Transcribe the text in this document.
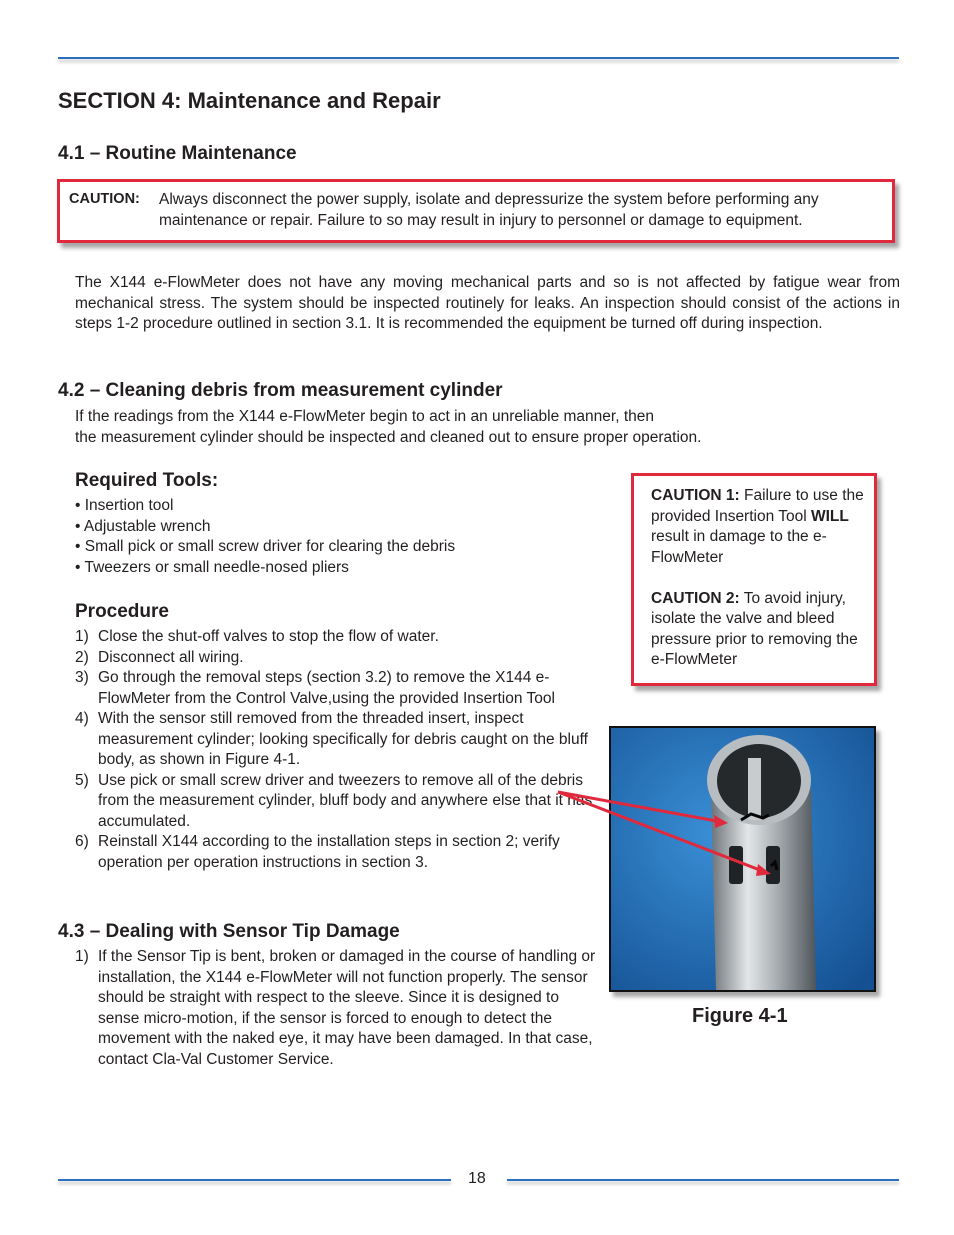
SECTION 4: Maintenance and Repair
4.1 – Routine Maintenance
CAUTION: Always disconnect the power supply, isolate and depressurize the system before performing any maintenance or repair. Failure to so may result in injury to personnel or damage to equipment.

The X144 e-FlowMeter does not have any moving mechanical parts and so is not affected by fatigue wear from mechanical stress. The system should be inspected routinely for leaks. An inspection should consist of the actions in steps 1-2 procedure outlined in section 3.1. It is recommended the equipment be turned off during inspection.

4.2 – Cleaning debris from measurement cylinder

If the readings from the X144 e-FlowMeter begin to act in an unreliable manner, then

the measurement cylinder should be inspected and cleaned out to ensure proper operation.

Required Tools:
• Insertion tool
• Adjustable wrench
• Small pick or small screw driver for clearing the debris
• Tweezers or small needle-nosed pliers
Procedure
1) Close the shut-off valves to stop the flow of water.
2) Disconnect all wiring.
3) Go through the removal steps (section 3.2) to remove the X144 e-FlowMeter from the Control Valve,using the provided Insertion Tool
4) With the sensor still removed from the threaded insert, inspect measurement cylinder; looking specifically for debris caught on the bluff body, as shown in Figure 4-1.
5) Use pick or small screw driver and tweezers to remove all of the debris from the measurement cylinder, bluff body and anywhere else that it has accumulated.
6) Reinstall X144 according to the installation steps in section 2; verify operation per operation instructions in section 3.
CAUTION 1: Failure to use the provided Insertion Tool WILL result in damage to the e-FlowMeter
CAUTION 2: To avoid injury, isolate the valve and bleed pressure prior to removing the e-FlowMeter
Figure 4-1
4.3 – Dealing with Sensor Tip Damage
1) If the Sensor Tip is bent, broken or damaged in the course of handling or installation, the X144 e-FlowMeter will not function properly. The sensor should be straight with respect to the sleeve. Since it is designed to sense micro-motion, if the sensor is forced to enough to detect the movement with the naked eye, it may have been damaged. In that case, contact Cla-Val Customer Service.
18
